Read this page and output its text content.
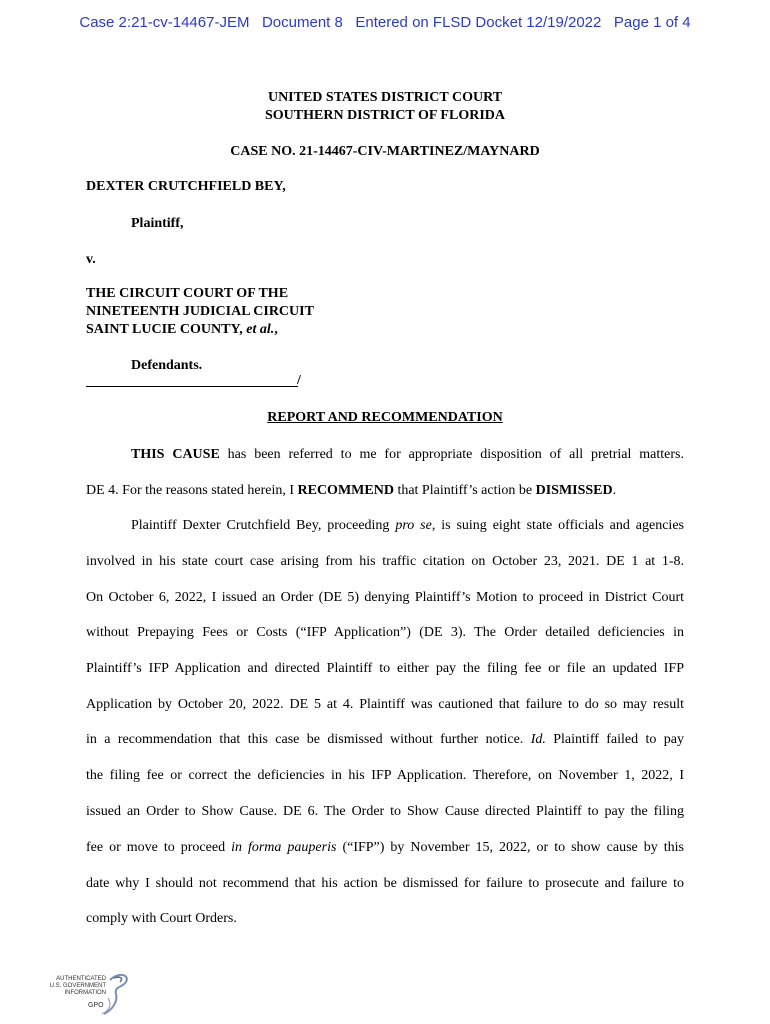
Case 2:21-cv-14467-JEM Document 8 Entered on FLSD Docket 12/19/2022 Page 1 of 4
UNITED STATES DISTRICT COURT
SOUTHERN DISTRICT OF FLORIDA
CASE NO. 21-14467-CIV-MARTINEZ/MAYNARD
DEXTER CRUTCHFIELD BEY,
Plaintiff,
v.
THE CIRCUIT COURT OF THE
NINETEENTH JUDICIAL CIRCUIT
SAINT LUCIE COUNTY, et al.,
Defendants.
/
REPORT AND RECOMMENDATION
THIS CAUSE has been referred to me for appropriate disposition of all pretrial matters.
DE 4. For the reasons stated herein, I RECOMMEND that Plaintiff’s action be DISMISSED.
Plaintiff Dexter Crutchfield Bey, proceeding pro se, is suing eight state officials and agencies
involved in his state court case arising from his traffic citation on October 23, 2021. DE 1 at 1-8.
On October 6, 2022, I issued an Order (DE 5) denying Plaintiff’s Motion to proceed in District Court
without Prepaying Fees or Costs (“IFP Application”) (DE 3). The Order detailed deficiencies in
Plaintiff’s IFP Application and directed Plaintiff to either pay the filing fee or file an updated IFP
Application by October 20, 2022. DE 5 at 4. Plaintiff was cautioned that failure to do so may result
in a recommendation that this case be dismissed without further notice. Id. Plaintiff failed to pay
the filing fee or correct the deficiencies in his IFP Application. Therefore, on November 1, 2022, I
issued an Order to Show Cause. DE 6. The Order to Show Cause directed Plaintiff to pay the filing
fee or move to proceed in forma pauperis (“IFP”) by November 15, 2022, or to show cause by this
date why I should not recommend that his action be dismissed for failure to prosecute and failure to
comply with Court Orders.
AUTHENTICATED
U.S. GOVERNMENT
INFORMATION
GPO
